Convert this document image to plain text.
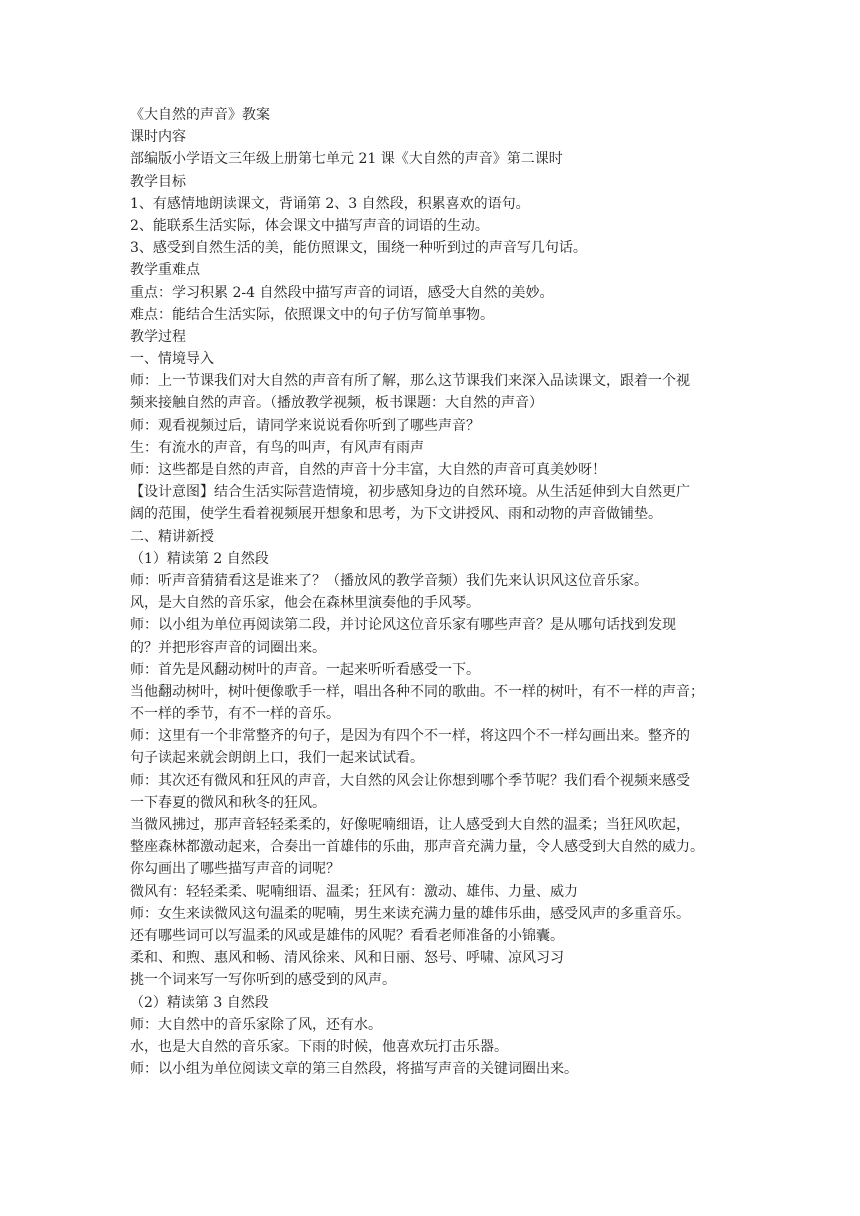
《大自然的声音》教案
课时内容
部编版小学语文三年级上册第七单元 21 课《大自然的声音》第二课时
教学目标
1、有感情地朗读课文，背诵第 2、3 自然段，积累喜欢的语句。
2、能联系生活实际，体会课文中描写声音的词语的生动。
3、感受到自然生活的美，能仿照课文，围绕一种听到过的声音写几句话。
教学重难点
重点：学习积累 2-4 自然段中描写声音的词语，感受大自然的美妙。
难点：能结合生活实际，依照课文中的句子仿写简单事物。
教学过程
一、情境导入
师：上一节课我们对大自然的声音有所了解，那么这节课我们来深入品读课文，跟着一个视
频来接触自然的声音。（播放教学视频，板书课题：大自然的声音）
师：观看视频过后，请同学来说说看你听到了哪些声音？
生：有流水的声音，有鸟的叫声，有风声有雨声
师：这些都是自然的声音，自然的声音十分丰富，大自然的声音可真美妙呀！
【设计意图】结合生活实际营造情境，初步感知身边的自然环境。从生活延伸到大自然更广
阔的范围，使学生看着视频展开想象和思考，为下文讲授风、雨和动物的声音做铺垫。
二、精讲新授
（1）精读第 2 自然段
师：听声音猜猜看这是谁来了？（播放风的教学音频）我们先来认识风这位音乐家。
风，是大自然的音乐家，他会在森林里演奏他的手风琴。
师：以小组为单位再阅读第二段，并讨论风这位音乐家有哪些声音？是从哪句话找到发现
的？并把形容声音的词圈出来。
师：首先是风翻动树叶的声音。一起来听听看感受一下。
当他翻动树叶，树叶便像歌手一样，唱出各种不同的歌曲。不一样的树叶，有不一样的声音；
不一样的季节，有不一样的音乐。
师：这里有一个非常整齐的句子，是因为有四个不一样，将这四个不一样勾画出来。整齐的
句子读起来就会朗朗上口，我们一起来试试看。
师：其次还有微风和狂风的声音，大自然的风会让你想到哪个季节呢？我们看个视频来感受
一下春夏的微风和秋冬的狂风。
当微风拂过，那声音轻轻柔柔的，好像呢喃细语，让人感受到大自然的温柔；当狂风吹起，
整座森林都激动起来，合奏出一首雄伟的乐曲，那声音充满力量，令人感受到大自然的威力。
你勾画出了哪些描写声音的词呢？
微风有：轻轻柔柔、呢喃细语、温柔；狂风有：激动、雄伟、力量、威力
师：女生来读微风这句温柔的呢喃，男生来读充满力量的雄伟乐曲，感受风声的多重音乐。
还有哪些词可以写温柔的风或是雄伟的风呢？看看老师准备的小锦囊。
柔和、和煦、惠风和畅、清风徐来、风和日丽、怒号、呼啸、凉风习习
挑一个词来写一写你听到的感受到的风声。
（2）精读第 3 自然段
师：大自然中的音乐家除了风，还有水。
水，也是大自然的音乐家。下雨的时候，他喜欢玩打击乐器。
师：以小组为单位阅读文章的第三自然段，将描写声音的关键词圈出来。
